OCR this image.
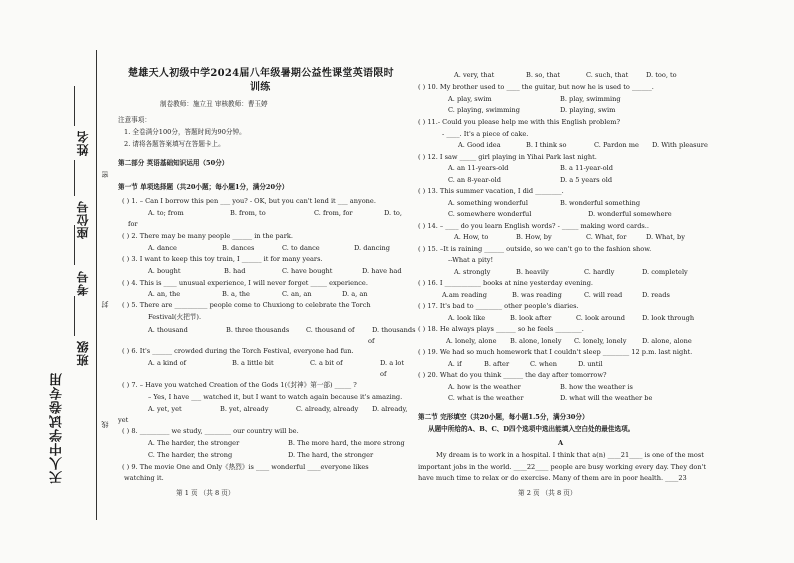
天人中学试卷专用
班级
考号
座位号
姓名
密
封
线
楚雄天人初级中学2024届八年级暑期公益性课堂英语限时
训练
制卷教师：施立丑 审核教师：曹玉婷
注意事项：
1. 全卷满分100分，答题时间为90分钟。
2. 请将各题答案填写在答题卡上。
第二部分 英语基础知识运用（50分）
第一节 单项选择题（共20小题；每小题1分，满分20分）
( ) 1. – Can I borrow this pen ___ you? - OK, but you can't lend it ___ anyone.
A. to; from	B. from, to	C. from, for	D. to,
for
( ) 2. There may be many people ______ in the park.
A. dance	B. dances	C. to dance	D. dancing
( ) 3. I want to keep this toy train, I ______ it for many years.
A. bought	B. had	C. have bought	D. have had
( ) 4. This is ____ unusual experience, I will never forget _____ experience.
A. an, the	B. a, the	C. an, an	D. a, an
( ) 5. There are __________ people come to Chuxiong to celebrate the Torch
Festival(火把节).
A. thousand	B. three thousands	C. thousand of	D. thousands
of
( ) 6. It's ______ crowded during the Torch Festival, everyone had fun.
A. a kind of	B. a little bit	C. a bit of	D. a lot
of
( ) 7. – Have you watched Creation of the Gods 1(《封神》第一部) _____ ?
– Yes, I have ___ watched it, but I want to watch again because it's amazing.
A. yet, yet	B. yet, already	C. already, already D. already,
yet
( ) 8. _________ we study, ________ our country will be.
A. The harder, the stronger	B. The more hard, the more strong
C. The harder, the strong	D. The hard, the stronger
( ) 9. The movie One and Only《热烈》is ____ wonderful ____everyone likes
watching it.
第 1 页 （共 8 页）
A. very, that	B. so, that	C. such, that	D. too, to
( ) 10. My brother used to ____ the guitar, but now he is used to ______.
A. play, swim	B. play, swimming
C. playing, swimming	D. playing, swim
( ) 11.- Could you please help me with this English problem?
- ____. It's a piece of cake.
A. Good idea	B. I think so	C. Pardon me D. With pleasure
( ) 12. I saw _____ girl playing in Yihai Park last night.
A. an 11-years-old	B. a 11-year-old
C. an 8-year-old	D. a 5 years old
( ) 13. This summer vacation, I did ________.
A. something wonderful	B. wonderful something
C. somewhere wonderful	D. wonderful somewhere
( ) 14. – ____ do you learn English words? - _____ making word cards..
A. How, to	B. How, by	C. What, for	D. What, by
( ) 15. –It is raining ______ outside, so we can't go to the fashion show.
--What a pity!
A. strongly	B. heavily	C. hardly	D. completely
( ) 16. I ___________ books at nine yesterday evening.
A.am reading	B. was reading	C. will read	D. reads
( ) 17. It's bad to ________ other people's diaries.
A. look like	B. look after	C. look around	D. look through
( ) 18. He always plays ______ so he feels ________.
A. lonely, alone B. alone, lonely C. lonely, lonely D. alone, alone
( ) 19. We had so much homework that I couldn't sleep ________ 12 p.m. last night.
A. if	B. after	C. when	D. until
( ) 20. What do you think ______ the day after tomorrow?
A. how is the weather	B. how the weather is
C. what is the weather	D. what will the weather be
第二节 完形填空（共20小题，每小题1.5分，满分30分）
从题中所给的A、B、C、D四个选项中选出能填入空白处的最佳选项。
A
My dream is to work in a hospital. I think that a(n) ____21____ is one of the most
important jobs in the world. ____22____ people are busy working every day. They don't
have much time to relax or do exercise. Many of them are in poor health. ____23
第 2 页 （共 8 页）
